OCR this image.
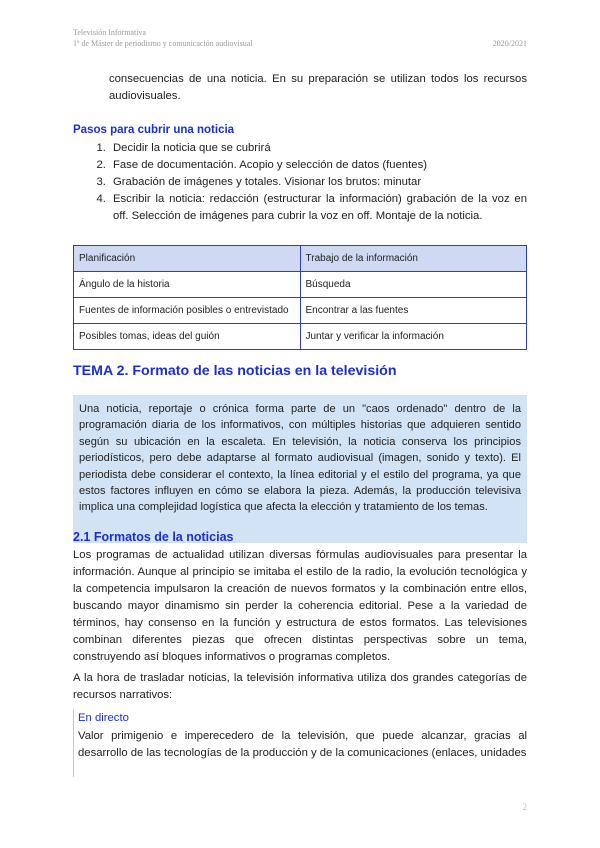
Televisión Informativa
1º de Máster de periodismo y comunicación audiovisual	2020/2021
consecuencias de una noticia. En su preparación se utilizan todos los recursos audiovisuales.
Pasos para cubrir una noticia
1. Decidir la noticia que se cubrirá
2. Fase de documentación. Acopio y selección de datos (fuentes)
3. Grabación de imágenes y totales. Visionar los brutos: minutar
4. Escribir la noticia: redacción (estructurar la información) grabación de la voz en off. Selección de imágenes para cubrir la voz en off. Montaje de la noticia.
Planificación	Trabajo de la información
Ángulo de la historia	Búsqueda
Fuentes de información posibles o entrevistado	Encontrar a las fuentes
Posibles tomas, ideas del guión	Juntar y verificar la información
TEMA 2. Formato de las noticias en la televisión
Una noticia, reportaje o crónica forma parte de un "caos ordenado" dentro de la programación diaria de los informativos, con múltiples historias que adquieren sentido según su ubicación en la escaleta. En televisión, la noticia conserva los principios periodísticos, pero debe adaptarse al formato audiovisual (imagen, sonido y texto). El periodista debe considerar el contexto, la línea editorial y el estilo del programa, ya que estos factores influyen en cómo se elabora la pieza. Además, la producción televisiva implica una complejidad logística que afecta la elección y tratamiento de los temas.
2.1 Formatos de la noticias
Los programas de actualidad utilizan diversas fórmulas audiovisuales para presentar la información. Aunque al principio se imitaba el estilo de la radio, la evolución tecnológica y la competencia impulsaron la creación de nuevos formatos y la combinación entre ellos, buscando mayor dinamismo sin perder la coherencia editorial. Pese a la variedad de términos, hay consenso en la función y estructura de estos formatos. Las televisiones combinan diferentes piezas que ofrecen distintas perspectivas sobre un tema, construyendo así bloques informativos o programas completos.
A la hora de trasladar noticias, la televisión informativa utiliza dos grandes categorías de recursos narrativos:
En directo
Valor primigenio e imperecedero de la televisión, que puede alcanzar, gracias al desarrollo de las tecnologías de la producción y de la comunicaciones (enlaces, unidades
2
